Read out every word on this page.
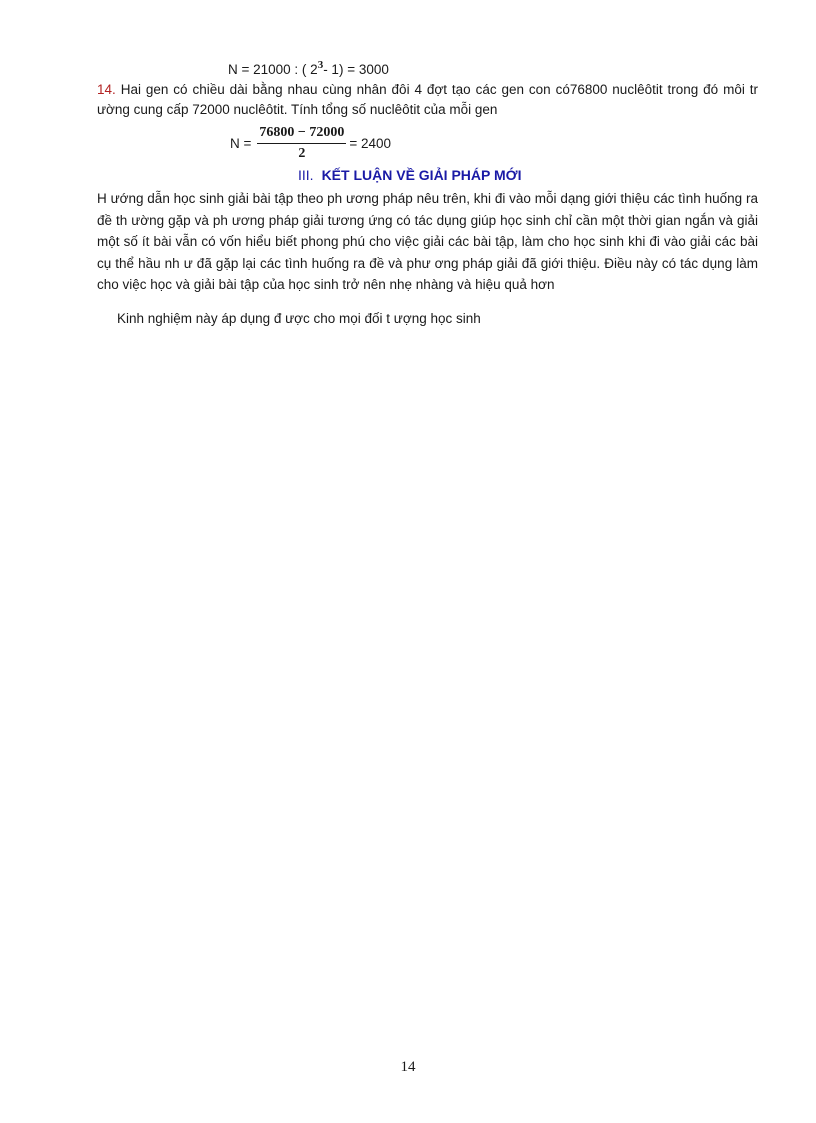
N = 21000 : ( $2^3-$ 1) = 3000
14. Hai gen có chiều dài bằng nhau cùng nhân đôi 4 đợt tạo các gen con có76800 nuclêôtit trong đó môi tr ường cung cấp 72000 nuclêôtit. Tính tổng số nuclêôtit của mỗi gen
$N = \frac{76800 - 72000}{2} = 2400$
III. KẾT LUẬN VỀ GIẢI PHÁP MỚI
H ướng dẫn học sinh giải bài tập theo ph ương pháp nêu trên, khi đi vào mỗi dạng giới thiệu các tình huống ra đề th ường gặp và ph ương pháp giải tương ứng có tác dụng giúp học sinh chỉ cần một thời gian ngắn và giải một số ít bài vẫn có vốn hiểu biết phong phú cho việc giải các bài tập, làm cho học sinh khi đi vào giải các bài cụ thể hầu nh ư đã gặp lại các tình huống ra đề và phư ơng pháp giải đã giới thiệu. Điều này có tác dụng làm cho việc học và giải bài tập của học sinh trở nên nhẹ nhàng và hiệu quả hơn
Kinh nghiệm này áp dụng đ ược cho mọi đối t ượng học sinh
14
